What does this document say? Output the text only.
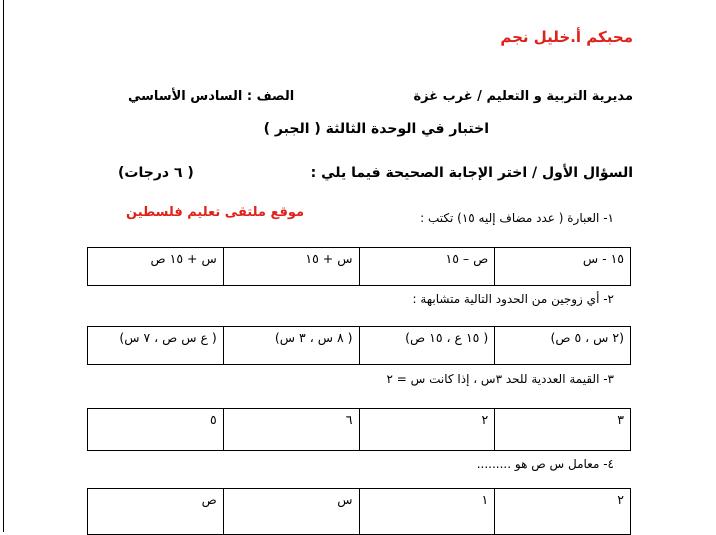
محبكم أ.خليل نجم
مديرية التربية و التعليم / غرب غزة
الصف : السادس الأساسي
اختبار في الوحدة الثالثة ( الجبر )
السؤال الأول / اختر الإجابة الصحيحة فيما يلي :
( ٦ درجات)
موقع ملتقى تعليم فلسطين	١- العبارة ( عدد مضاف إليه ١٥) تكتب :
١٥ - س	ص – ١٥	س + ١٥	س + ١٥ ص
٢- أي زوجين من الحدود التالية متشابهة :
(٢ س ، ٥ ص)	( ١٥ ع ، ١٥ ص)	( ٨ س ، ٣ س)	( ع س ص ، ٧ س)
٣- القيمة العددية للحد ٣س ، إذا كانت س = ٢
٣	٢	٦	٥
٤- معامل س ص هو .........
٢	١	س	ص
